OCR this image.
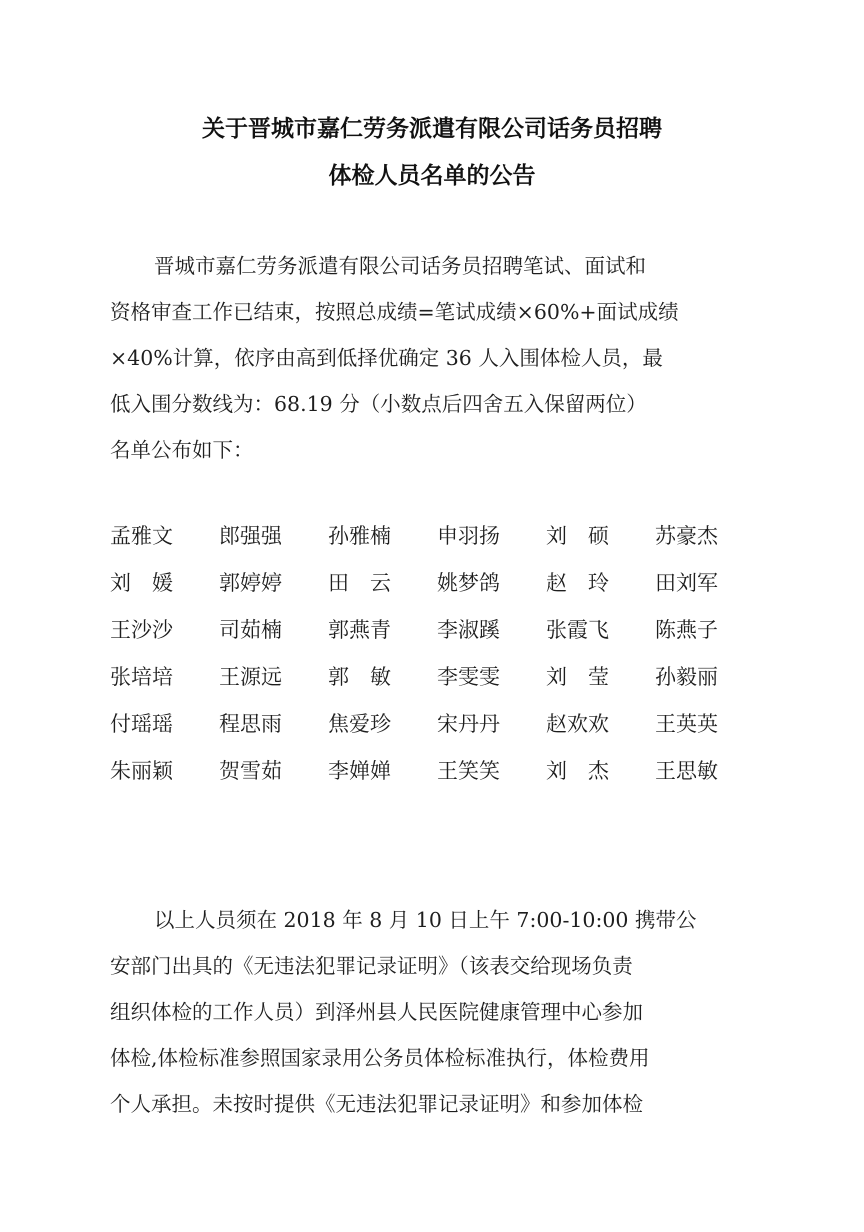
关于晋城市嘉仁劳务派遣有限公司话务员招聘
体检人员名单的公告
晋城市嘉仁劳务派遣有限公司话务员招聘笔试、面试和
资格审查工作已结束，按照总成绩=笔试成绩×60%+面试成绩
×40%计算，依序由高到低择优确定 36 人入围体检人员，最
低入围分数线为：68.19 分（小数点后四舍五入保留两位）
名单公布如下：
孟雅文 郎强强 孙雅楠 申羽扬 刘　硕 苏豪杰
刘　媛 郭婷婷 田　云 姚梦鸽 赵　玲 田刘军
王沙沙 司茹楠 郭燕青 李淑蹊 张霞飞 陈燕子
张培培 王源远 郭　敏 李雯雯 刘　莹 孙毅丽
付瑶瑶 程思雨 焦爱珍 宋丹丹 赵欢欢 王英英
朱丽颖 贺雪茹 李婵婵 王笑笑 刘　杰 王思敏
以上人员须在 2018 年 8 月 10 日上午 7:00-10:00 携带公
安部门出具的《无违法犯罪记录证明》（该表交给现场负责
组织体检的工作人员）到泽州县人民医院健康管理中心参加
体检,体检标准参照国家录用公务员体检标准执行，体检费用
个人承担。未按时提供《无违法犯罪记录证明》和参加体检
